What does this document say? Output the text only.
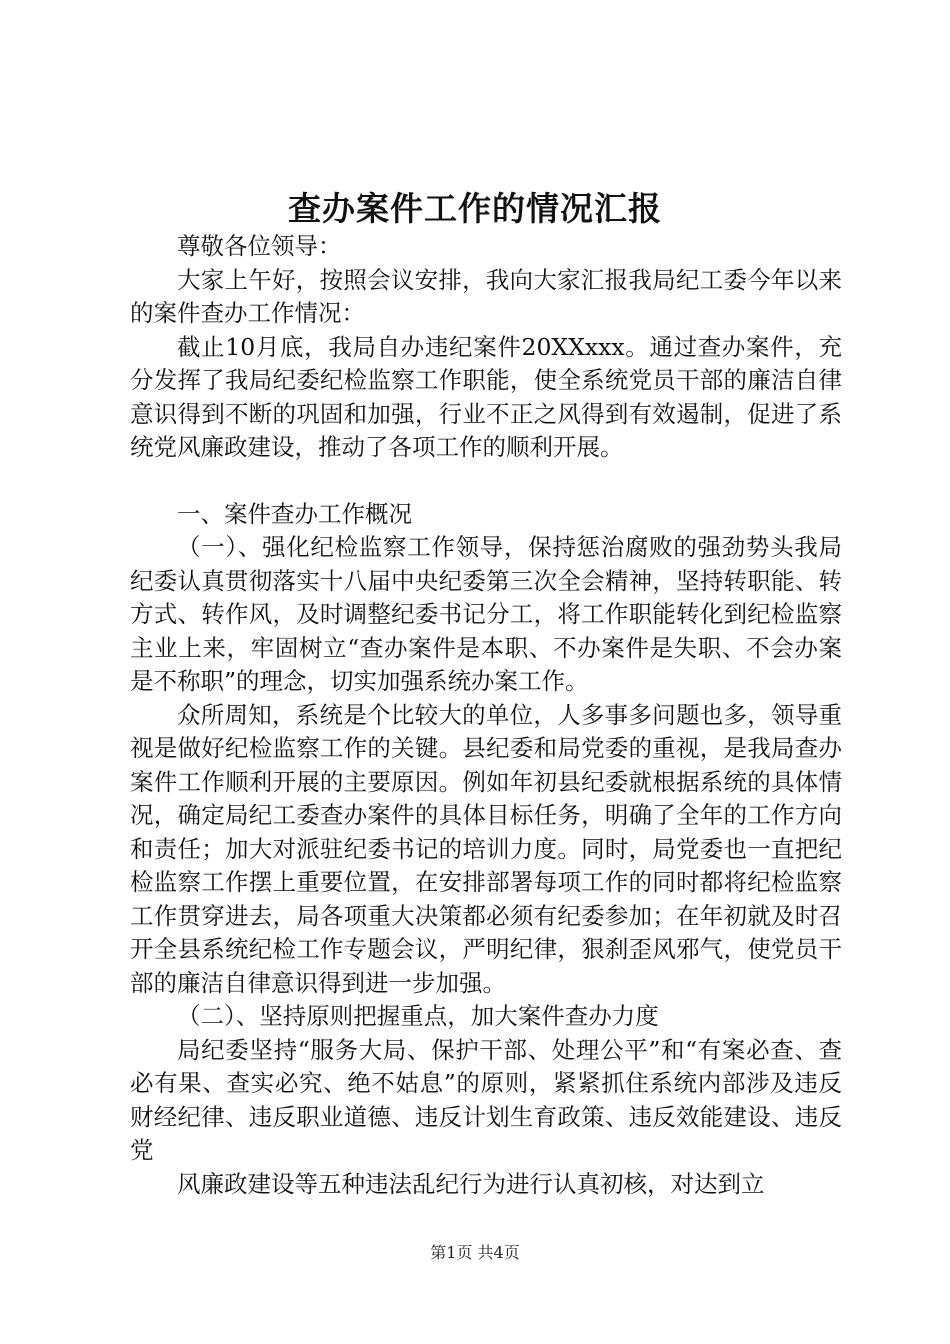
查办案件工作的情况汇报

尊敬各位领导：

大家上午好，按照会议安排，我向大家汇报我局纪工委今年以来的案件查办工作情况：

截止10月底，我局自办违纪案件20XXxxx。通过查办案件，充分发挥了我局纪委纪检监察工作职能，使全系统党员干部的廉洁自律意识得到不断的巩固和加强，行业不正之风得到有效遏制，促进了系统党风廉政建设，推动了各项工作的顺利开展。

一、案件查办工作概况

（一）、强化纪检监察工作领导，保持惩治腐败的强劲势头我局纪委认真贯彻落实十八届中央纪委第三次全会精神，坚持转职能、转方式、转作风，及时调整纪委书记分工，将工作职能转化到纪检监察主业上来，牢固树立“查办案件是本职、不办案件是失职、不会办案是不称职”的理念，切实加强系统办案工作。

众所周知，系统是个比较大的单位，人多事多问题也多，领导重视是做好纪检监察工作的关键。县纪委和局党委的重视，是我局查办案件工作顺利开展的主要原因。例如年初县纪委就根据系统的具体情况，确定局纪工委查办案件的具体目标任务，明确了全年的工作方向和责任；加大对派驻纪委书记的培训力度。同时，局党委也一直把纪检监察工作摆上重要位置，在安排部署每项工作的同时都将纪检监察工作贯穿进去，局各项重大决策都必须有纪委参加；在年初就及时召开全县系统纪检工作专题会议，严明纪律，狠刹歪风邪气，使党员干部的廉洁自律意识得到进一步加强。

（二）、坚持原则把握重点，加大案件查办力度

局纪委坚持“服务大局、保护干部、处理公平”和“有案必查、查必有果、查实必究、绝不姑息”的原则，紧紧抓住系统内部涉及违反财经纪律、违反职业道德、违反计划生育政策、违反效能建设、违反党

风廉政建设等五种违法乱纪行为进行认真初核，对达到立

第1页 共4页
